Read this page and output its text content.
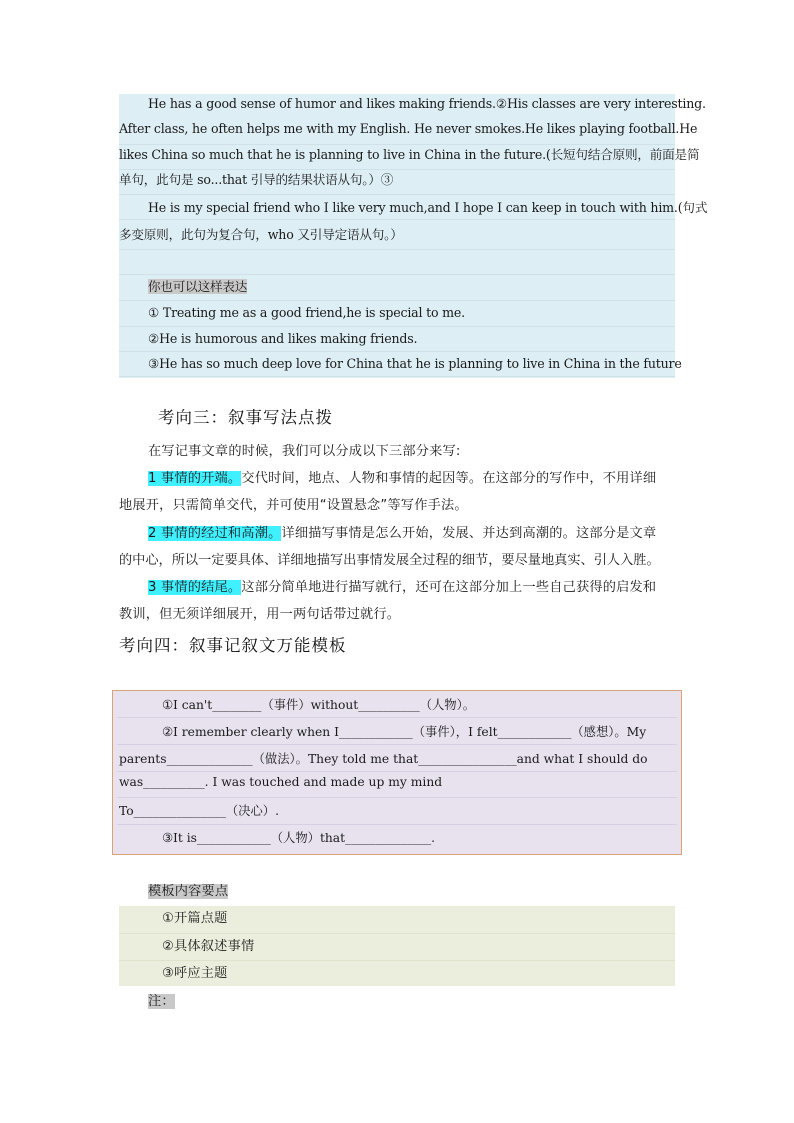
He has a good sense of humor and likes making friends.②His classes are very interesting.
After class, he often helps me with my English. He never smokes.He likes playing football.He
likes China so much that he is planning to live in China in the future.(长短句结合原则，前面是简
单句，此句是 so...that 引导的结果状语从句。）③
He is my special friend who I like very much,and I hope I can keep in touch with him.(句式
多变原则，此句为复合句，who 又引导定语从句。）
你也可以这样表达
① Treating me as a good friend,he is special to me.
②He is humorous and likes making friends.
③He has so much deep love for China that he is planning to live in China in the future
考向三：叙事写法点拨
在写记事文章的时候，我们可以分成以下三部分来写:
1 事情的开端。交代时间，地点、人物和事情的起因等。在这部分的写作中，不用详细
地展开，只需简单交代，并可使用“设置悬念”等写作手法。
2 事情的经过和高潮。详细描写事情是怎么开始，发展、并达到高潮的。这部分是文章
的中心，所以一定要具体、详细地描写出事情发展全过程的细节，要尽量地真实、引人入胜。
3 事情的结尾。这部分简单地进行描写就行，还可在这部分加上一些自己获得的启发和
教训，但无须详细展开，用一两句话带过就行。
考向四：叙事记叙文万能模板
①I can't________（事件）without__________（人物）。
②I remember clearly when I____________（事件），I felt____________（感想）。My
parents______________（做法）。They told me that________________and what I should do
was__________. I was touched and made up my mind
To_______________（决心）.
③It is____________（人物）that______________.
模板内容要点
①开篇点题
②具体叙述事情
③呼应主题
注：
